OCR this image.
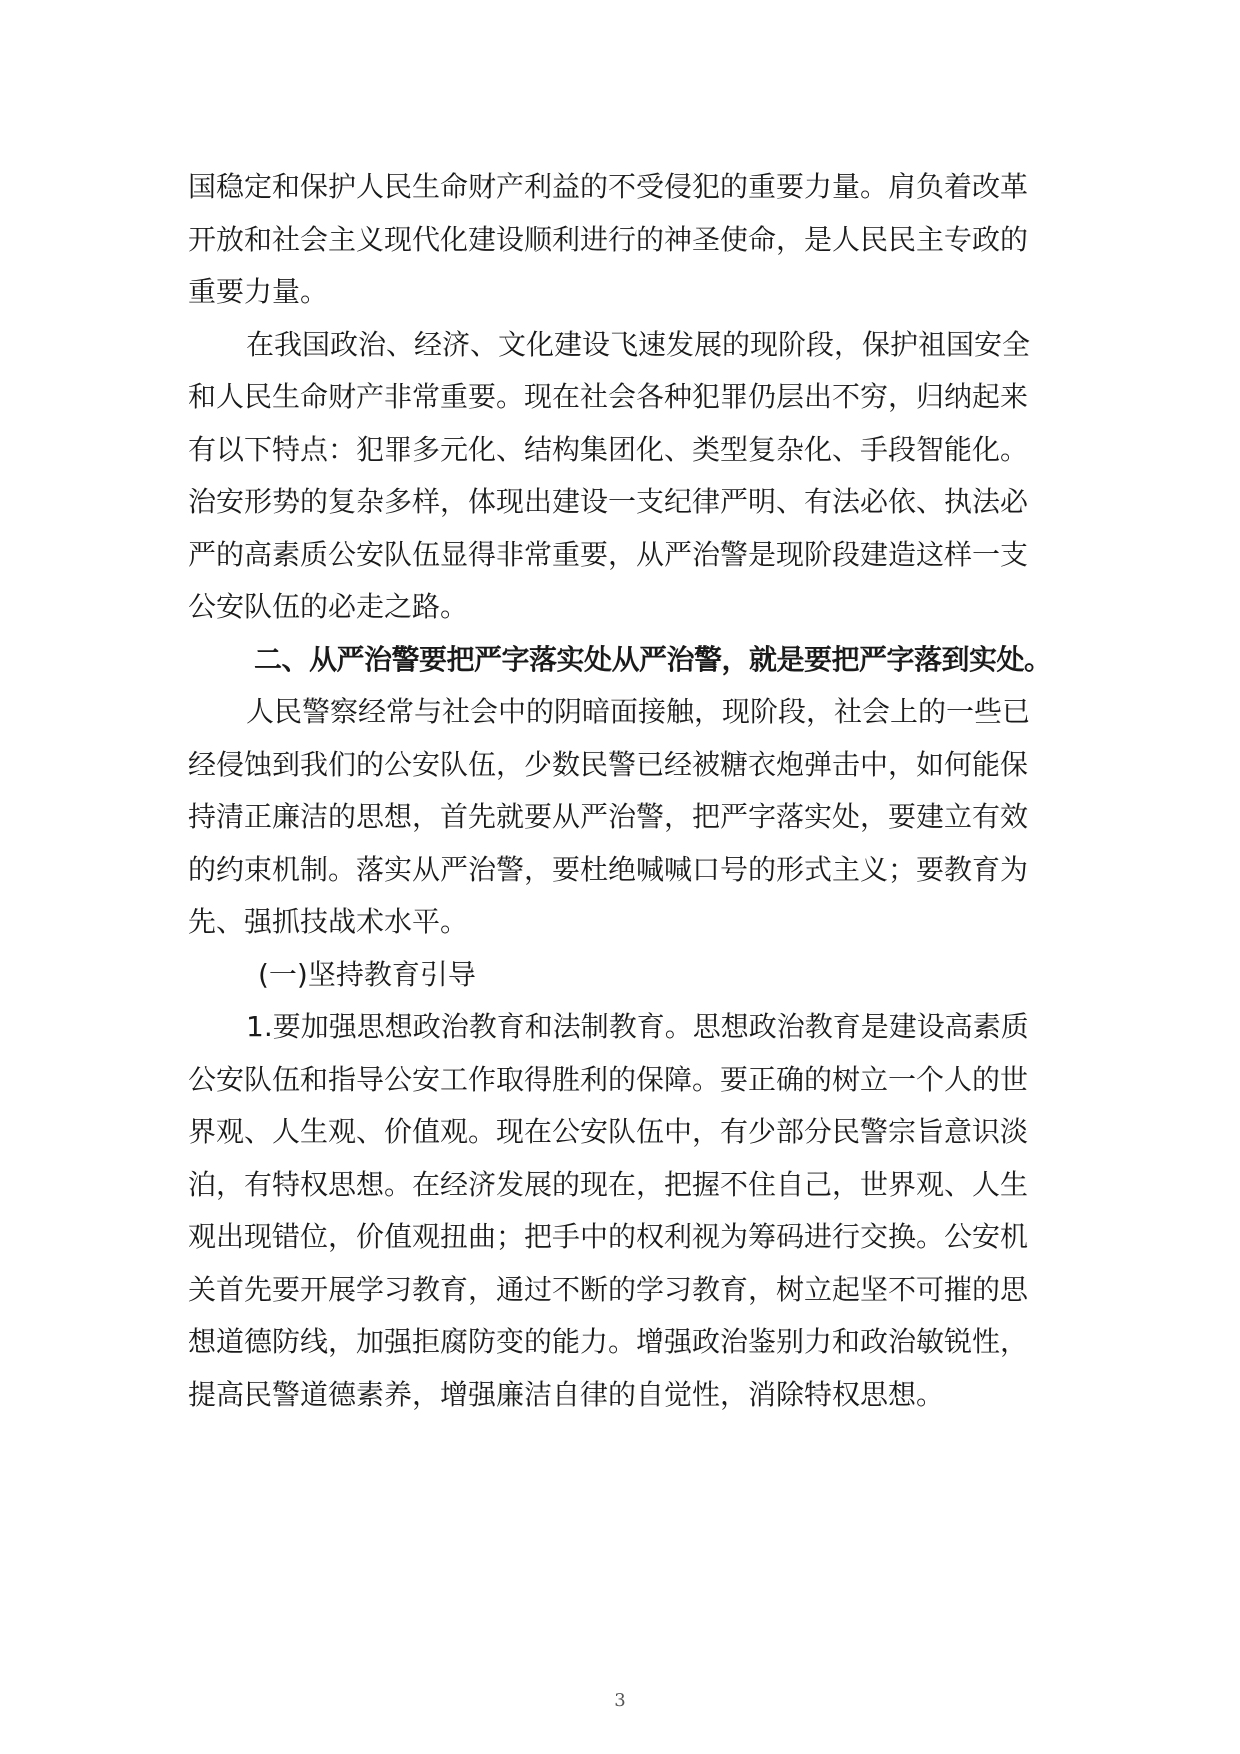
国稳定和保护人民生命财产利益的不受侵犯的重要力量。肩负着改革
开放和社会主义现代化建设顺利进行的神圣使命，是人民民主专政的
重要力量。

在我国政治、经济、文化建设飞速发展的现阶段，保护祖国安全
和人民生命财产非常重要。现在社会各种犯罪仍层出不穷，归纳起来
有以下特点：犯罪多元化、结构集团化、类型复杂化、手段智能化。
治安形势的复杂多样，体现出建设一支纪律严明、有法必依、执法必
严的高素质公安队伍显得非常重要，从严治警是现阶段建造这样一支
公安队伍的必走之路。

二、从严治警要把严字落实处从严治警，就是要把严字落到实处。

人民警察经常与社会中的阴暗面接触，现阶段，社会上的一些已
经侵蚀到我们的公安队伍，少数民警已经被糖衣炮弹击中，如何能保
持清正廉洁的思想，首先就要从严治警，把严字落实处，要建立有效
的约束机制。落实从严治警，要杜绝喊喊口号的形式主义；要教育为
先、强抓技战术水平。

(一)坚持教育引导

1.要加强思想政治教育和法制教育。思想政治教育是建设高素质
公安队伍和指导公安工作取得胜利的保障。要正确的树立一个人的世
界观、人生观、价值观。现在公安队伍中，有少部分民警宗旨意识淡
泊，有特权思想。在经济发展的现在，把握不住自己，世界观、人生
观出现错位，价值观扭曲；把手中的权利视为筹码进行交换。公安机
关首先要开展学习教育，通过不断的学习教育，树立起坚不可摧的思
想道德防线，加强拒腐防变的能力。增强政治鉴别力和政治敏锐性，
提高民警道德素养，增强廉洁自律的自觉性，消除特权思想。

3
